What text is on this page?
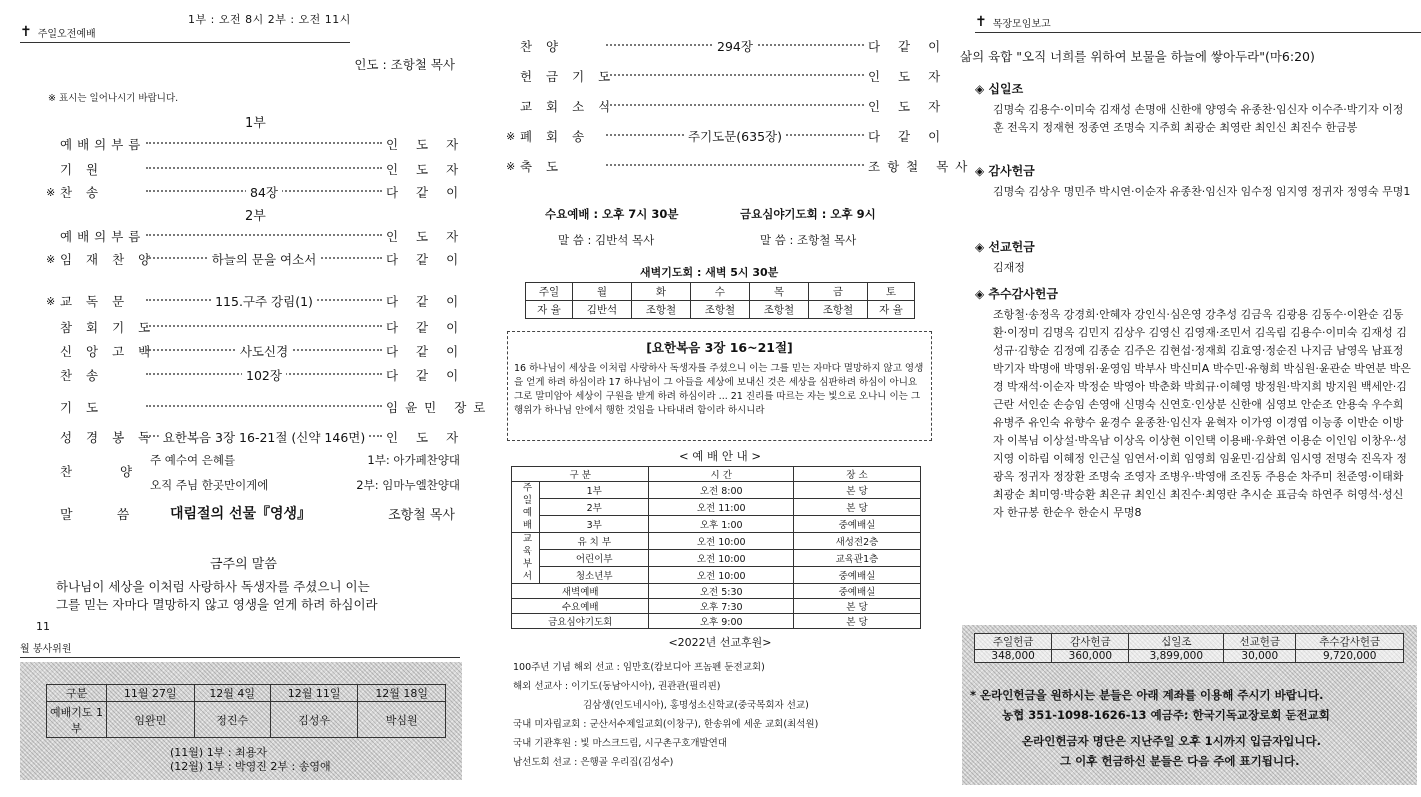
1부 : 오전 8시 2부 : 오전 11시
✝ 주일오전예배
인도 : 조항철 목사
※ 표시는 일어나시기 바랍니다.
1부
예배의부름	인 도 자
기 원	인 도 자
※ 찬 송	84장	다 같 이
2부
예배의부름	인 도 자
※ 임 재 찬 양	하늘의 문을 여소서	다 같 이
※ 교 독 문	115.구주 강림(1)	다 같 이
참 회 기 도	다 같 이
신 앙 고 백	사도신경	다 같 이
찬 송	102장	다 같 이
기 도	임윤민 장로
성 경 봉 독 요한복음 3장 16-21절 (신약 146면)	인 도 자
찬 양
주 예수여 은혜를	1부: 아가페찬양대
오직 주님 한곳만이게에	2부: 임마누엘찬양대
말 씀	대림절의 선물『영생』	조항철 목사
금주의 말씀
하나님이 세상을 이처럼 사랑하사 독생자를 주셨으니 이는
그를 믿는 자마다 멸망하지 않고 영생을 얻게 하려 하심이라
11
월 봉사위원
구분	11월 27일	12월 4일	12월 11일	12월 18일
예배기도 1부	임완민	정진수	김성우	박심원
(11월) 1부 : 최용자
(12월) 1부 : 박영진 2부 : 송영애
찬 양	294장	다 같 이
헌 금 기 도	인 도 자
교 회 소 식	인 도 자
※ 폐 회 송	주기도문(635장)	다 같 이
※ 축 도	조항철 목사
수요예배 : 오후 7시 30분	금요심야기도회 : 오후 9시
말 씀 : 김반석 목사	말 씀 : 조항철 목사
새벽기도회 : 새벽 5시 30분
주일	월	화	수	목	금	토
자 율	김반석	조항철	조항철	조항철	조항철	자 율
[요한복음 3장 16~21절]
16 하나님이 세상을 이처럼 사랑하사 독생자를 주셨으니 이는 그를 믿는 자마다 멸망하지 않고 영생을 얻게 하려 하심이라 17 하나님이 그 아들을 세상에 보내신 것은 세상을 심판하려 하심이 아니요 그로 말미암아 세상이 구원을 받게 하려 하심이라 ... 21 진리를 따르는 자는 빛으로 오나니 이는 그 행위가 하나님 안에서 행한 것임을 나타내려 함이라 하시니라
< 예 배 안 내 >
구 분		시 간	장 소
주일예배	1부	오전 8:00	본 당
	2부	오전 11:00	본 당
	3부	오후 1:00	중예배실
교육부서	유 치 부	오전 10:00	새성전2층
	어린이부	오전 10:00	교육관1층
	청소년부	오전 10:00	중예배실
새벽예배		오전 5:30	중예배실
수요예배		오후 7:30	본 당
금요심야기도회		오후 9:00	본 당
<2022년 선교후원>
100주년 기념 해외 선교 : 임만호(캄보디아 프놈펜 둔전교회)
해외 선교사 : 이기도(동남아시아), 권관관(필리핀)
김삼생(인도네시아), 홍명성소신학교(중국목회자 선교)
국내 미자립교회 : 군산서수제일교회(이창구), 한송위에 세운 교회(최석원)
국내 기관후원 : 빛 마스크드림, 시구촌구호개발연대
남선도회 선교 : 은행골 우리집(김성수)
✝ 목장모임보고
삶의 육합 "오직 너희를 위하여 보물을 하늘에 쌓아두라"(마6:20)
◈ 십일조
김명숙 김용수·이미숙 김재성 손명애 신한애 양영숙 유종찬·임신자 이수주·박기자 이정훈 전옥지 정재현 정종연 조명숙 지주희 최광순 최영란 최인신 최진수 한금봉
◈ 감사헌금
김명숙 김상우 명민주 박시연·이순자 유종찬·임신자 임수정 임지영 정귀자 정영숙 무명1
◈ 선교헌금
김재정
◈ 추수감사헌금
조항철·송정옥 강경희·안혜자 강인식·심은영 강추성 김금옥 김광용 김동수·이완순 김동환·이정미 김명옥 김민지 김상우 김영신 김영재·조민서 김옥림 김용수·이미숙 김재성 김성규·김향순 김정예 김종순 김주은 김현섭·정재희 김효영·정순진 나지금 남영옥 남표정 박기자 박명애 박명위·윤영임 박부사 박신미A 박수민·유형희 박심원·윤관순 박연분 박은경 박재석·이순자 박정순 박영아 박춘화 박희규·이혜영 방정원·박지희 방지원 백세안·김근란 서인순 손승임 손영애 신명숙 신연호·인상분 신한애 심영보 안순조 안용숙 우수희 유병주 유인숙 유향수 윤경수 윤종찬·임신자 윤혁자 이가영 이경엽 이능종 이반순 이방자 이복님 이상설·박옥남 이상옥 이상현 이인택 이용배·우화연 이용순 이인임 이창우·성지영 이하림 이혜정 인근실 임연서·이희 임영희 임윤민·김삼희 임시영 전명숙 진옥자 정광옥 정귀자 정장환 조명숙 조영자 조병우·박영애 조진동 주용순 차주미 천준영·이태화 최광순 최미영·박승환 최은규 최인신 최진수·최영란 추시순 표금숙 하연주 허영석·성신자 한규봉 한순우 한순시 무명8
주일헌금	감사헌금	십일조	선교헌금	추수감사헌금
348,000	360,000	3,899,000	30,000	9,720,000
* 온라인헌금을 원하시는 분들은 아래 계좌를 이용해 주시기 바랍니다.
농협 351-1098-1626-13 예금주: 한국기독교장로회 둔전교회
온라인헌금자 명단은 지난주일 오후 1시까지 입금자입니다.
그 이후 헌금하신 분들은 다음 주에 표기됩니다.
